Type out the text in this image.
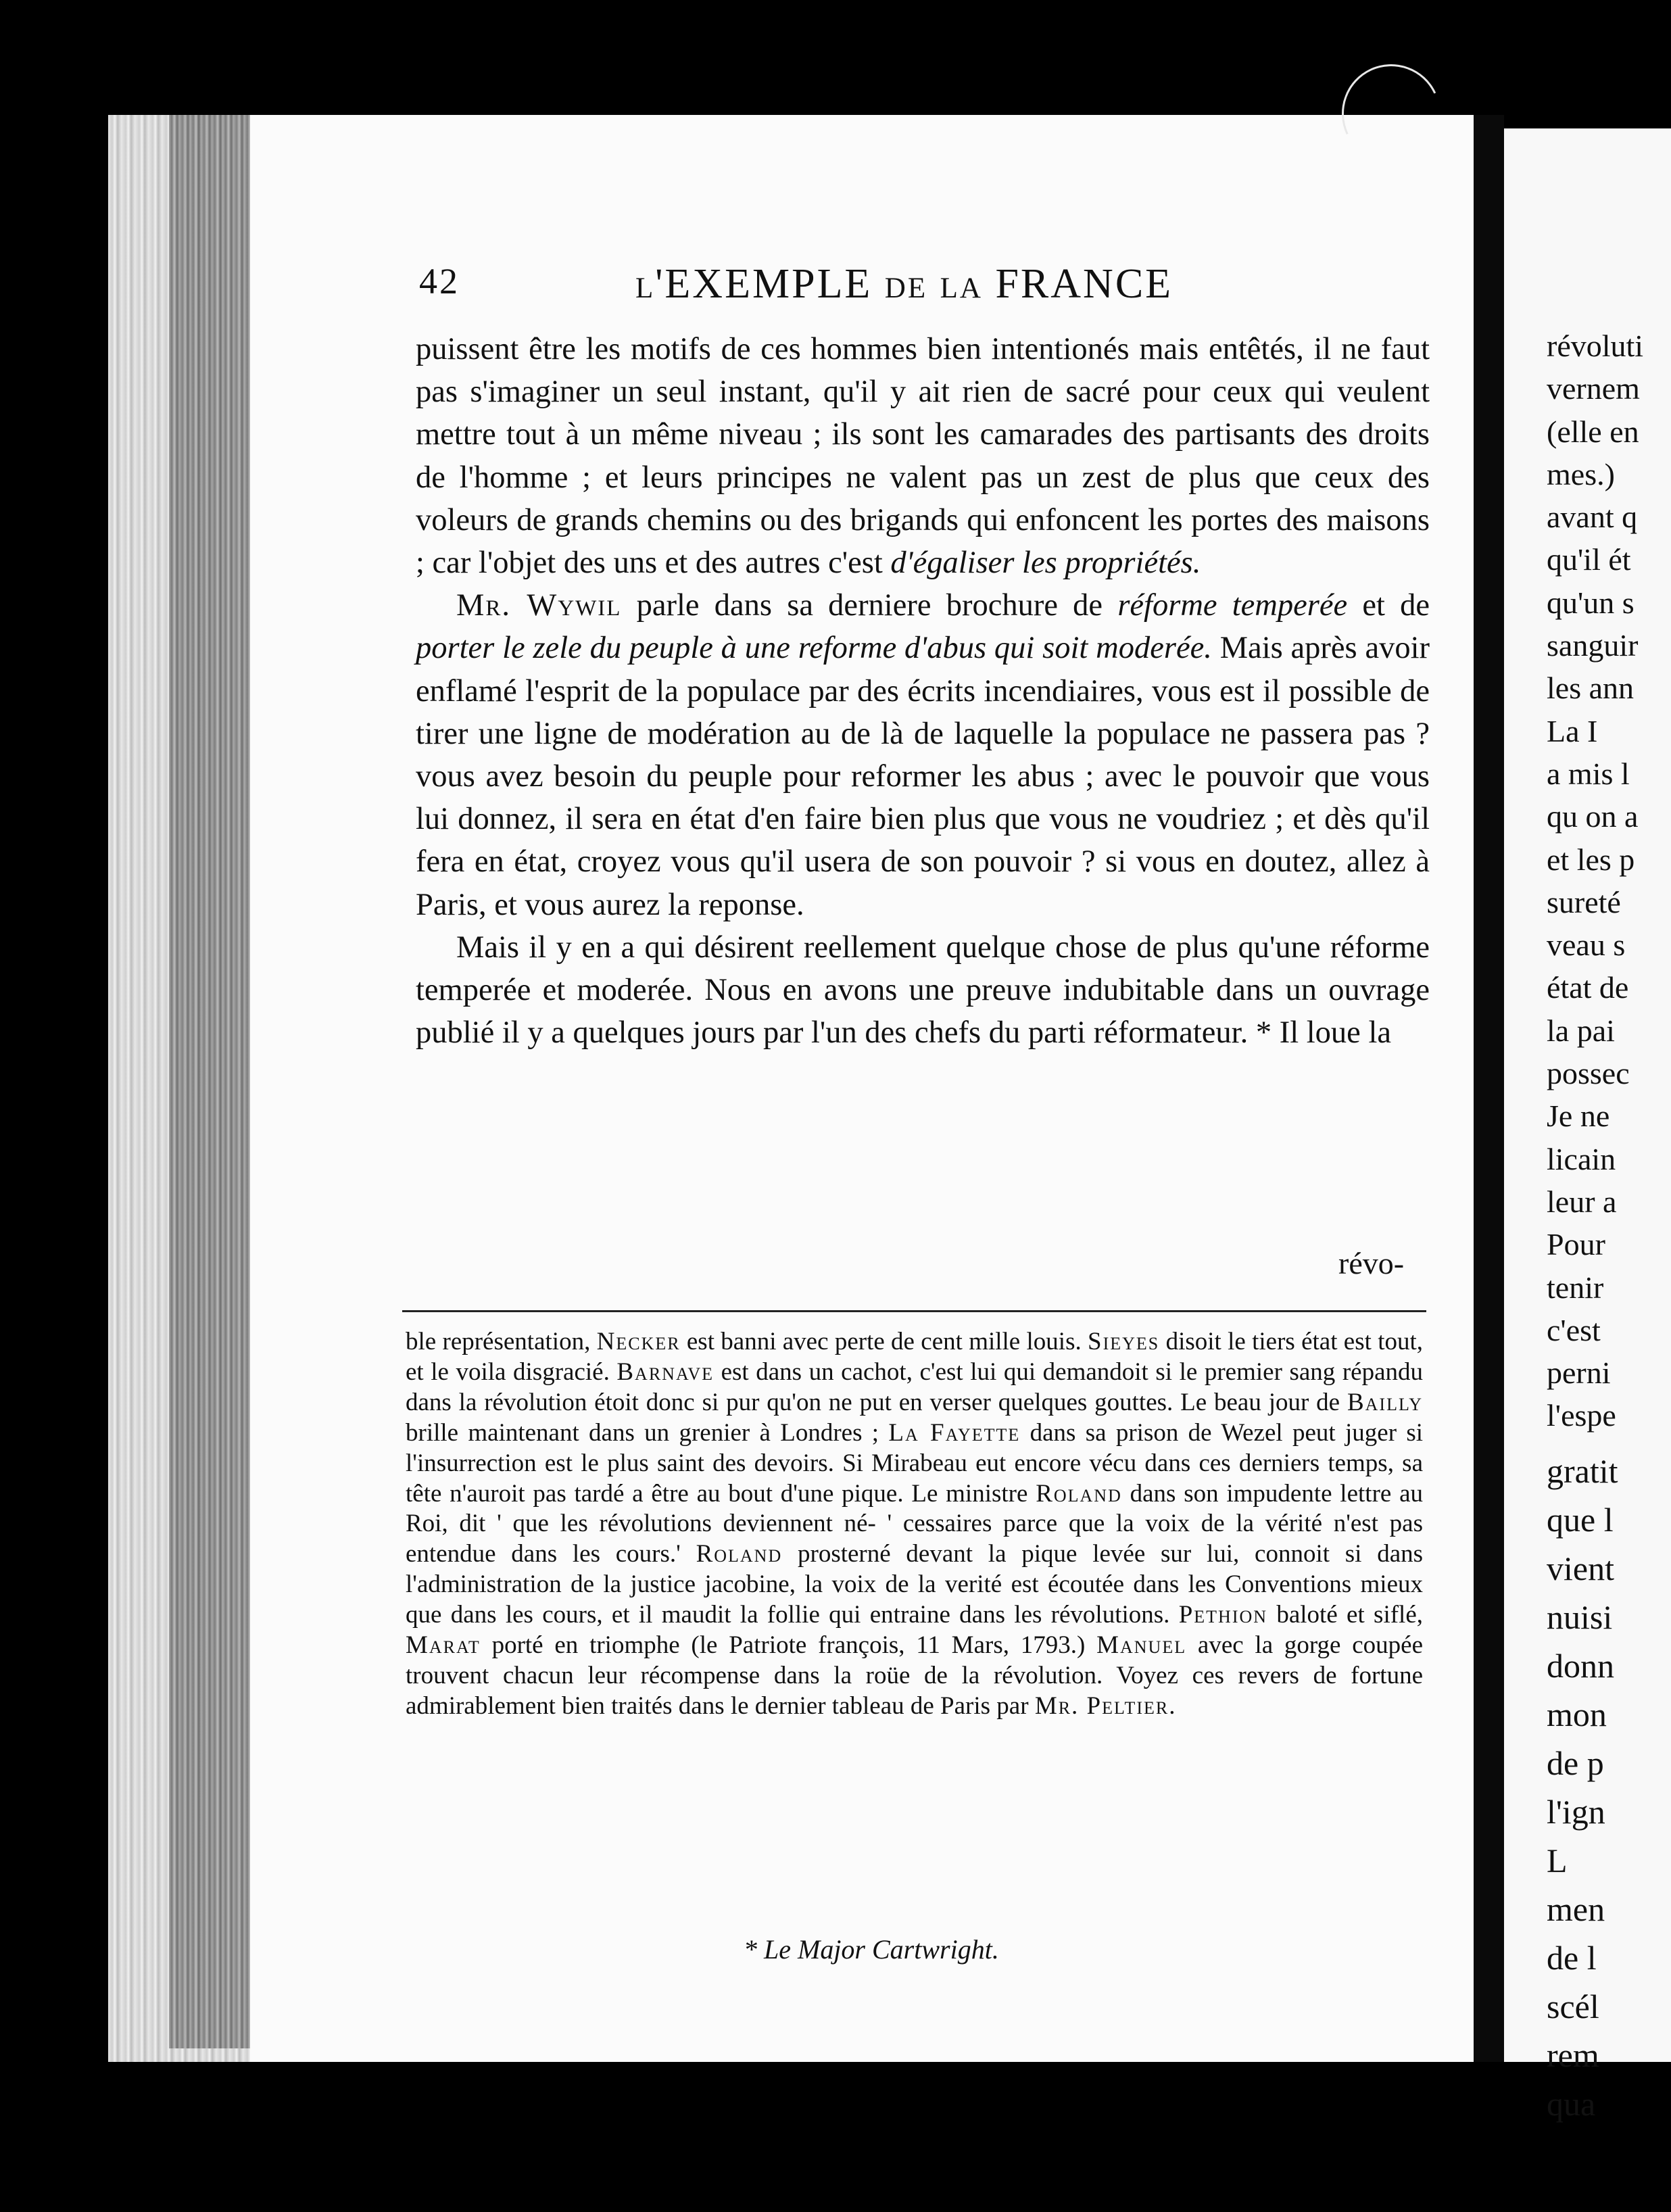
42	l'EXEMPLE de la FRANCE

puissent être les motifs de ces hommes bien intentionés mais entêtés, il ne faut pas s'imaginer un seul instant, qu'il y ait rien de sacré pour ceux qui veulent mettre tout à un même niveau ; ils sont les camarades des partisants des droits de l'homme ; et leurs principes ne valent pas un zest de plus que ceux des voleurs de grands chemins ou des brigands qui enfoncent les portes des maisons ; car l'objet des uns et des autres c'est d'égaliser les propriétés.

Mr. Wywil parle dans sa derniere brochure de réforme temperée et de porter le zele du peuple à une reforme d'abus qui soit moderée. Mais après avoir enflamé l'esprit de la populace par des écrits incendiaires, vous est il possible de tirer une ligne de modération au de là de laquelle la populace ne passera pas ? vous avez besoin du peuple pour reformer les abus ; avec le pouvoir que vous lui donnez, il sera en état d'en faire bien plus que vous ne voudriez ; et dès qu'il fera en état, croyez vous qu'il usera de son pouvoir ? si vous en doutez, allez à Paris, et vous aurez la reponse.

Mais il y en a qui désirent reellement quelque chose de plus qu'une réforme temperée et moderée. Nous en avons une preuve indubitable dans un ouvrage publié il y a quelques jours par l'un des chefs du parti réformateur. * Il loue la

révo-

ble représentation, Necker est banni avec perte de cent mille louis. Sieyes disoit le tiers état est tout, et le voila disgracié. Barnave est dans un cachot, c'est lui qui demandoit si le premier sang répandu dans la révolution étoit donc si pur qu'on ne put en verser quelques gouttes. Le beau jour de Bailly brille maintenant dans un grenier à Londres ; La Fayette dans sa prison de Wezel peut juger si l'insurrection est le plus saint des devoirs. Si Mirabeau eut encore vécu dans ces derniers temps, sa tête n'auroit pas tardé a être au bout d'une pique. Le ministre Roland dans son impudente lettre au Roi, dit ' que les révolutions deviennent né- ' cessaires parce que la voix de la vérité n'est pas entendue dans les cours.' Roland prosterné devant la pique levée sur lui, connoit si dans l'administration de la justice jacobine, la voix de la verité est écoutée dans les Conventions mieux que dans les cours, et il maudit la follie qui entraine dans les révolutions. Pethion baloté et siflé, Marat porté en triomphe (le Patriote françois, 11 Mars, 1793.) Manuel avec la gorge coupée trouvent chacun leur récompense dans la roüe de la révolution. Voyez ces revers de fortune admirablement bien traités dans le dernier tableau de Paris par Mr. Peltier.

* Le Major Cartwright.
révoluti
vernem
(elle en
mes.)
avant q
qu'il ét
qu'un s
sanguir
les ann
La I
a mis l
qu on a
et les p
sureté
veau s
état de
la pai
possec
Je ne
licain
leur a
Pour
tenir
c'est
perni
l'espe
gratit
que l
vient
nuisi
donn
mon
de p
l'ign
L
men
de l
scél
rem
qua
